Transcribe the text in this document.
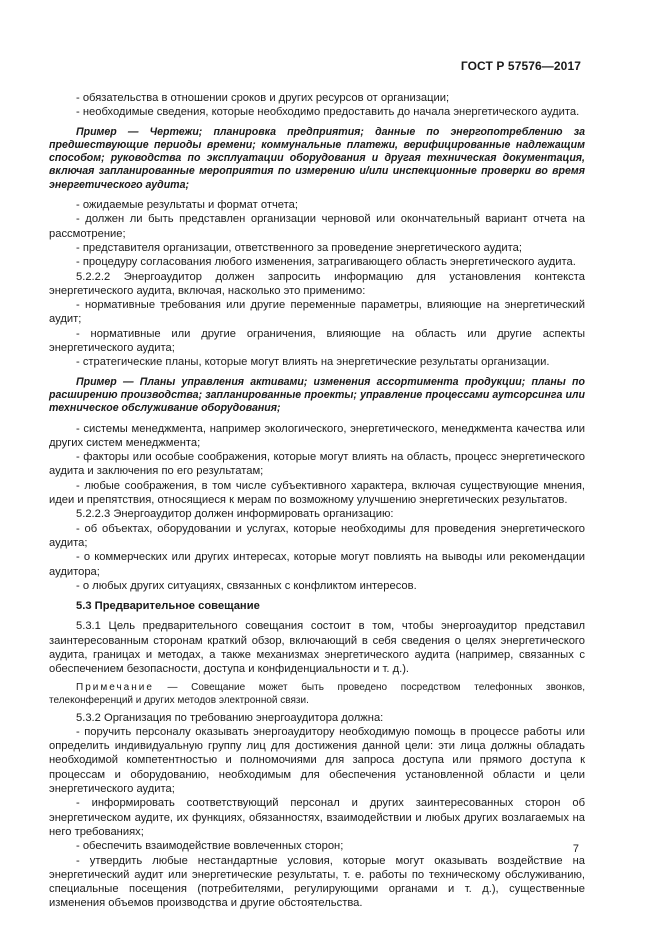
ГОСТ Р 57576—2017

- обязательства в отношении сроков и других ресурсов от организации;

- необходимые сведения, которые необходимо предоставить до начала энергетического аудита.

Пример — Чертежи; планировка предприятия; данные по энергопотреблению за предшествующие периоды времени; коммунальные платежи, верифицированные надлежащим способом; руководства по эксплуатации оборудования и другая техническая документация, включая запланированные мероприятия по измерению и/или инспекционные проверки во время энергетического аудита;

- ожидаемые результаты и формат отчета;

- должен ли быть представлен организации черновой или окончательный вариант отчета на рассмотрение;

- представителя организации, ответственного за проведение энергетического аудита;

- процедуру согласования любого изменения, затрагивающего область энергетического аудита.

5.2.2.2 Энергоаудитор должен запросить информацию для установления контекста энергетического аудита, включая, насколько это применимо:

- нормативные требования или другие переменные параметры, влияющие на энергетический аудит;

- нормативные или другие ограничения, влияющие на область или другие аспекты энергетического аудита;

- стратегические планы, которые могут влиять на энергетические результаты организации.

Пример — Планы управления активами; изменения ассортимента продукции; планы по расширению производства; запланированные проекты; управление процессами аутсорсинга или техническое обслуживание оборудования;

- системы менеджмента, например экологического, энергетического, менеджмента качества или других систем менеджмента;

- факторы или особые соображения, которые могут влиять на область, процесс энергетического аудита и заключения по его результатам;

- любые соображения, в том числе субъективного характера, включая существующие мнения, идеи и препятствия, относящиеся к мерам по возможному улучшению энергетических результатов.

5.2.2.3 Энергоаудитор должен информировать организацию:

- об объектах, оборудовании и услугах, которые необходимы для проведения энергетического аудита;

- о коммерческих или других интересах, которые могут повлиять на выводы или рекомендации аудитора;

- о любых других ситуациях, связанных с конфликтом интересов.

5.3 Предварительное совещание

5.3.1 Цель предварительного совещания состоит в том, чтобы энергоаудитор представил заинтересованным сторонам краткий обзор, включающий в себя сведения о целях энергетического аудита, границах и методах, а также механизмах энергетического аудита (например, связанных с обеспечением безопасности, доступа и конфиденциальности и т. д.).

Примечание — Совещание может быть проведено посредством телефонных звонков, телеконференций и других методов электронной связи.

5.3.2 Организация по требованию энергоаудитора должна:

- поручить персоналу оказывать энергоаудитору необходимую помощь в процессе работы или определить индивидуальную группу лиц для достижения данной цели: эти лица должны обладать необходимой компетентностью и полномочиями для запроса доступа или прямого доступа к процессам и оборудованию, необходимым для обеспечения установленной области и цели энергетического аудита;

- информировать соответствующий персонал и других заинтересованных сторон об энергетическом аудите, их функциях, обязанностях, взаимодействии и любых других возлагаемых на него требованиях;

- обеспечить взаимодействие вовлеченных сторон;

- утвердить любые нестандартные условия, которые могут оказывать воздействие на энергетический аудит или энергетические результаты, т. е. работы по техническому обслуживанию, специальные посещения (потребителями, регулирующими органами и т. д.), существенные изменения объемов производства и другие обстоятельства.

7
